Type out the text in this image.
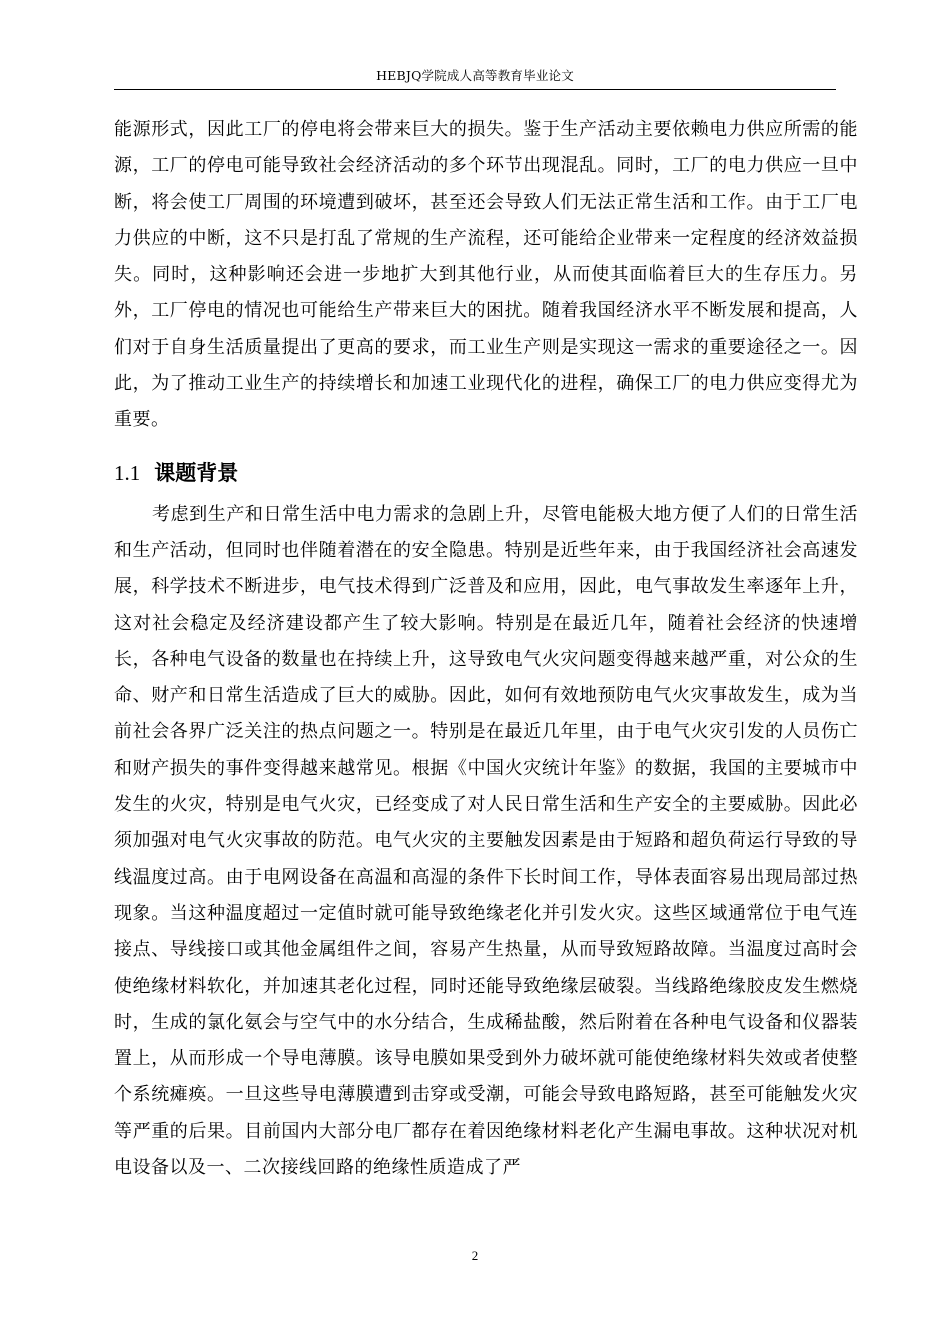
HEBJQ学院成人高等教育毕业论文

能源形式，因此工厂的停电将会带来巨大的损失。鉴于生产活动主要依赖电力供应所需的能源，工厂的停电可能导致社会经济活动的多个环节出现混乱。同时，工厂的电力供应一旦中断，将会使工厂周围的环境遭到破坏，甚至还会导致人们无法正常生活和工作。由于工厂电力供应的中断，这不只是打乱了常规的生产流程，还可能给企业带来一定程度的经济效益损失。同时，这种影响还会进一步地扩大到其他行业，从而使其面临着巨大的生存压力。另外，工厂停电的情况也可能给生产带来巨大的困扰。随着我国经济水平不断发展和提高，人们对于自身生活质量提出了更高的要求，而工业生产则是实现这一需求的重要途径之一。因此，为了推动工业生产的持续增长和加速工业现代化的进程，确保工厂的电力供应变得尤为重要。

1.1 课题背景

考虑到生产和日常生活中电力需求的急剧上升，尽管电能极大地方便了人们的日常生活和生产活动，但同时也伴随着潜在的安全隐患。特别是近些年来，由于我国经济社会高速发展，科学技术不断进步，电气技术得到广泛普及和应用，因此，电气事故发生率逐年上升，这对社会稳定及经济建设都产生了较大影响。特别是在最近几年，随着社会经济的快速增长，各种电气设备的数量也在持续上升，这导致电气火灾问题变得越来越严重，对公众的生命、财产和日常生活造成了巨大的威胁。因此，如何有效地预防电气火灾事故发生，成为当前社会各界广泛关注的热点问题之一。特别是在最近几年里，由于电气火灾引发的人员伤亡和财产损失的事件变得越来越常见。根据《中国火灾统计年鉴》的数据，我国的主要城市中发生的火灾，特别是电气火灾，已经变成了对人民日常生活和生产安全的主要威胁。因此必须加强对电气火灾事故的防范。电气火灾的主要触发因素是由于短路和超负荷运行导致的导线温度过高。由于电网设备在高温和高湿的条件下长时间工作，导体表面容易出现局部过热现象。当这种温度超过一定值时就可能导致绝缘老化并引发火灾。这些区域通常位于电气连接点、导线接口或其他金属组件之间，容易产生热量，从而导致短路故障。当温度过高时会使绝缘材料软化，并加速其老化过程，同时还能导致绝缘层破裂。当线路绝缘胶皮发生燃烧时，生成的氯化氨会与空气中的水分结合，生成稀盐酸，然后附着在各种电气设备和仪器装置上，从而形成一个导电薄膜。该导电膜如果受到外力破坏就可能使绝缘材料失效或者使整个系统瘫痪。一旦这些导电薄膜遭到击穿或受潮，可能会导致电路短路，甚至可能触发火灾等严重的后果。目前国内大部分电厂都存在着因绝缘材料老化产生漏电事故。这种状况对机电设备以及一、二次接线回路的绝缘性质造成了严

2
